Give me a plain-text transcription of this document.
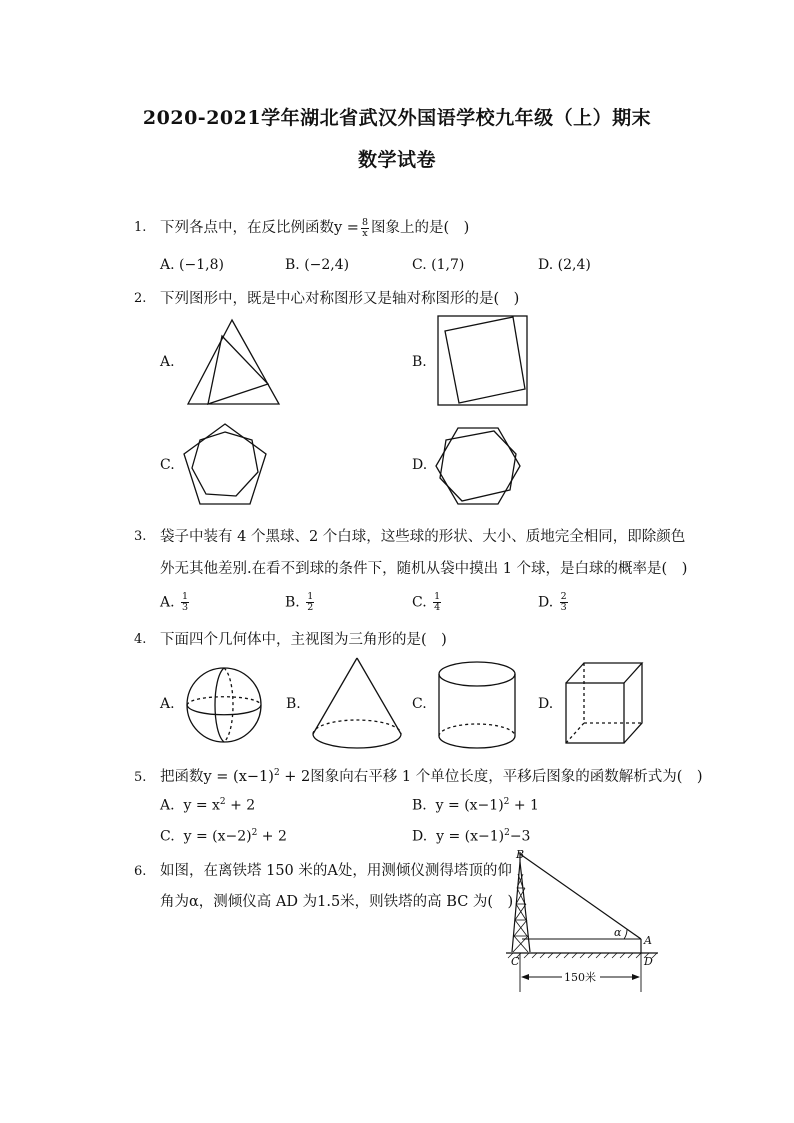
2020-2021学年湖北省武汉外国语学校九年级（上）期末
数学试卷
1. 下列各点中，在反比例函数$y = \frac{8}{x}$ 图象上的是(　)
A. (−1,8)	B. (−2,4)	C. (1,7)	D. (2,4)
2. 下列图形中，既是中心对称图形又是轴对称图形的是(　)
A.	B.
C.	D.
3. 袋子中装有 4 个黑球、2 个白球，这些球的形状、大小、质地完全相同，即除颜色
外无其他差别.在看不到球的条件下，随机从袋中摸出 1 个球，是白球的概率是(　)
A. $\frac{1}{3}$	B. $\frac{1}{2}$	C. $\frac{1}{4}$	D. $\frac{2}{3}$
4. 下面四个几何体中，主视图为三角形的是(　)
A.	B.	C.	D.
5. 把函数$y = (x-1)^2 + 2$图象向右平移 1 个单位长度，平移后图象的函数解析式为(　)
A. $y = x^2 + 2$	B. $y = (x-1)^2 + 1$
C. $y = (x-2)^2 + 2$	D. $y = (x-1)^2-3$
6. 如图，在离铁塔 150 米的A处，用测倾仪测得塔顶的仰
角为α，测倾仪高 AD 为1.5米，则铁塔的高 BC 为(　)
B
C
A
D
α
150米
